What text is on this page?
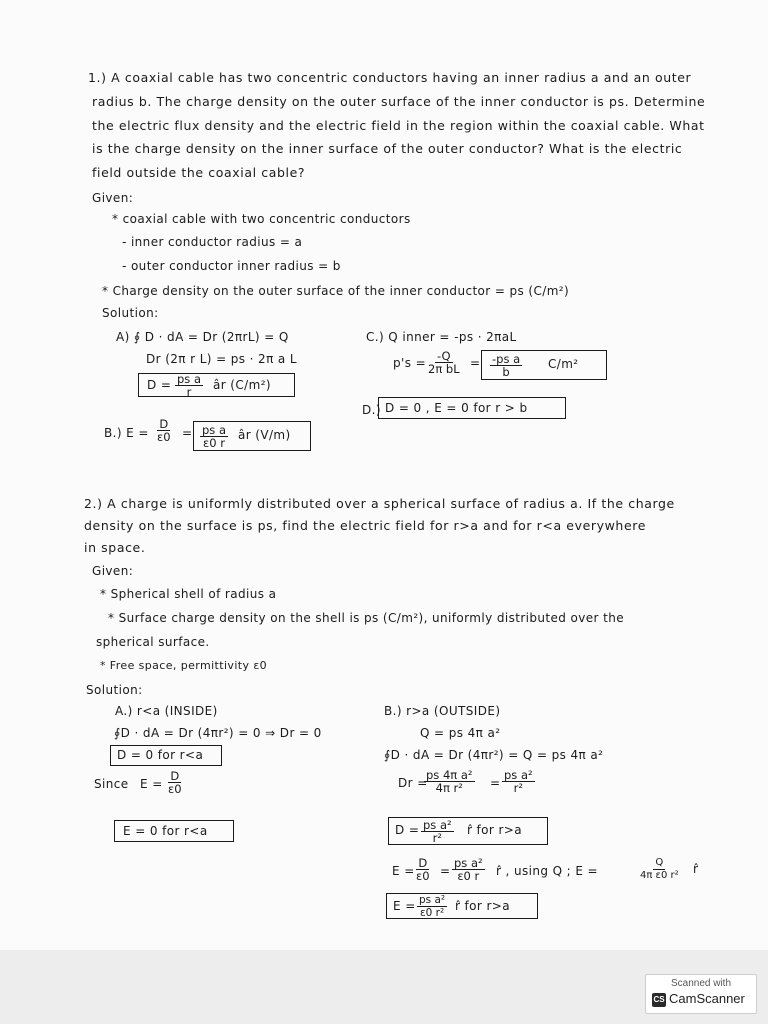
1.) A coaxial cable has two concentric conductors having an inner radius a and an outer
radius b. The charge density on the outer surface of the inner conductor is ps. Determine
the electric flux density and the electric field in the region within the coaxial cable. What
is the charge density on the inner surface of the outer conductor? What is the electric
field outside the coaxial cable?
Given:
* coaxial cable with two concentric conductors
- inner conductor radius = a
- outer conductor inner radius = b
* Charge density on the outer surface of the inner conductor = ps (C/m²)
Solution:
A) ∮ D · dA = Dr (2πrL) = Q
Dr (2π r L) = ps · 2π a L
$D = \frac{\text{ps a}}{r}$ âr (C/m²)
B.) $E = \frac{D}{\varepsilon 0} = \frac{\text{ps a}}{\varepsilon 0 r}$ âr (V/m)
C.) Q inner = -ps · 2πaL
$p's = \frac{-Q}{\text{2π bL}} = \frac{\text{-ps a}}{b} C/m^2$
D.) D = 0 , E = 0 for r > b
2.) A charge is uniformly distributed over a spherical surface of radius a. If the charge
density on the surface is ps, find the electric field for r>a and for r<a everywhere
in space.
Given:
* Spherical shell of radius a
* Surface charge density on the shell is ps (C/m²), uniformly distributed over the
spherical surface.
* Free space, permittivity ε0
Solution:
A.) r<a (INSIDE)
∮D · dA = Dr (4πr²) = 0 ⇒ Dr = 0
D = 0 for r<a
Since $E = \frac{D}{\varepsilon 0}$
E = 0 for r<a
B.) r>a (OUTSIDE)
Q = ps 4π a²
∮D · dA = Dr (4πr²) = Q = ps 4π a²
Dr =
$\frac{\text{ps 4π a²}}{\text{4π r²}} = \frac{\text{ps a²}}{\text{r²}}$
$D = \frac{\text{ps a²}}{\text{r²}}$ r̂ for r>a
$E = \frac{D}{\varepsilon 0} = \frac{\text{ps a²}}{\varepsilon 0 r}$ r̂ , using Q ; E =	$\frac{Q}{\text{4π ε0 r²}}$ r̂
$E = \frac{\text{ps a²}}{\text{ε0 r²}}$ r̂ for r>a
Scanned with
CS CamScanner
